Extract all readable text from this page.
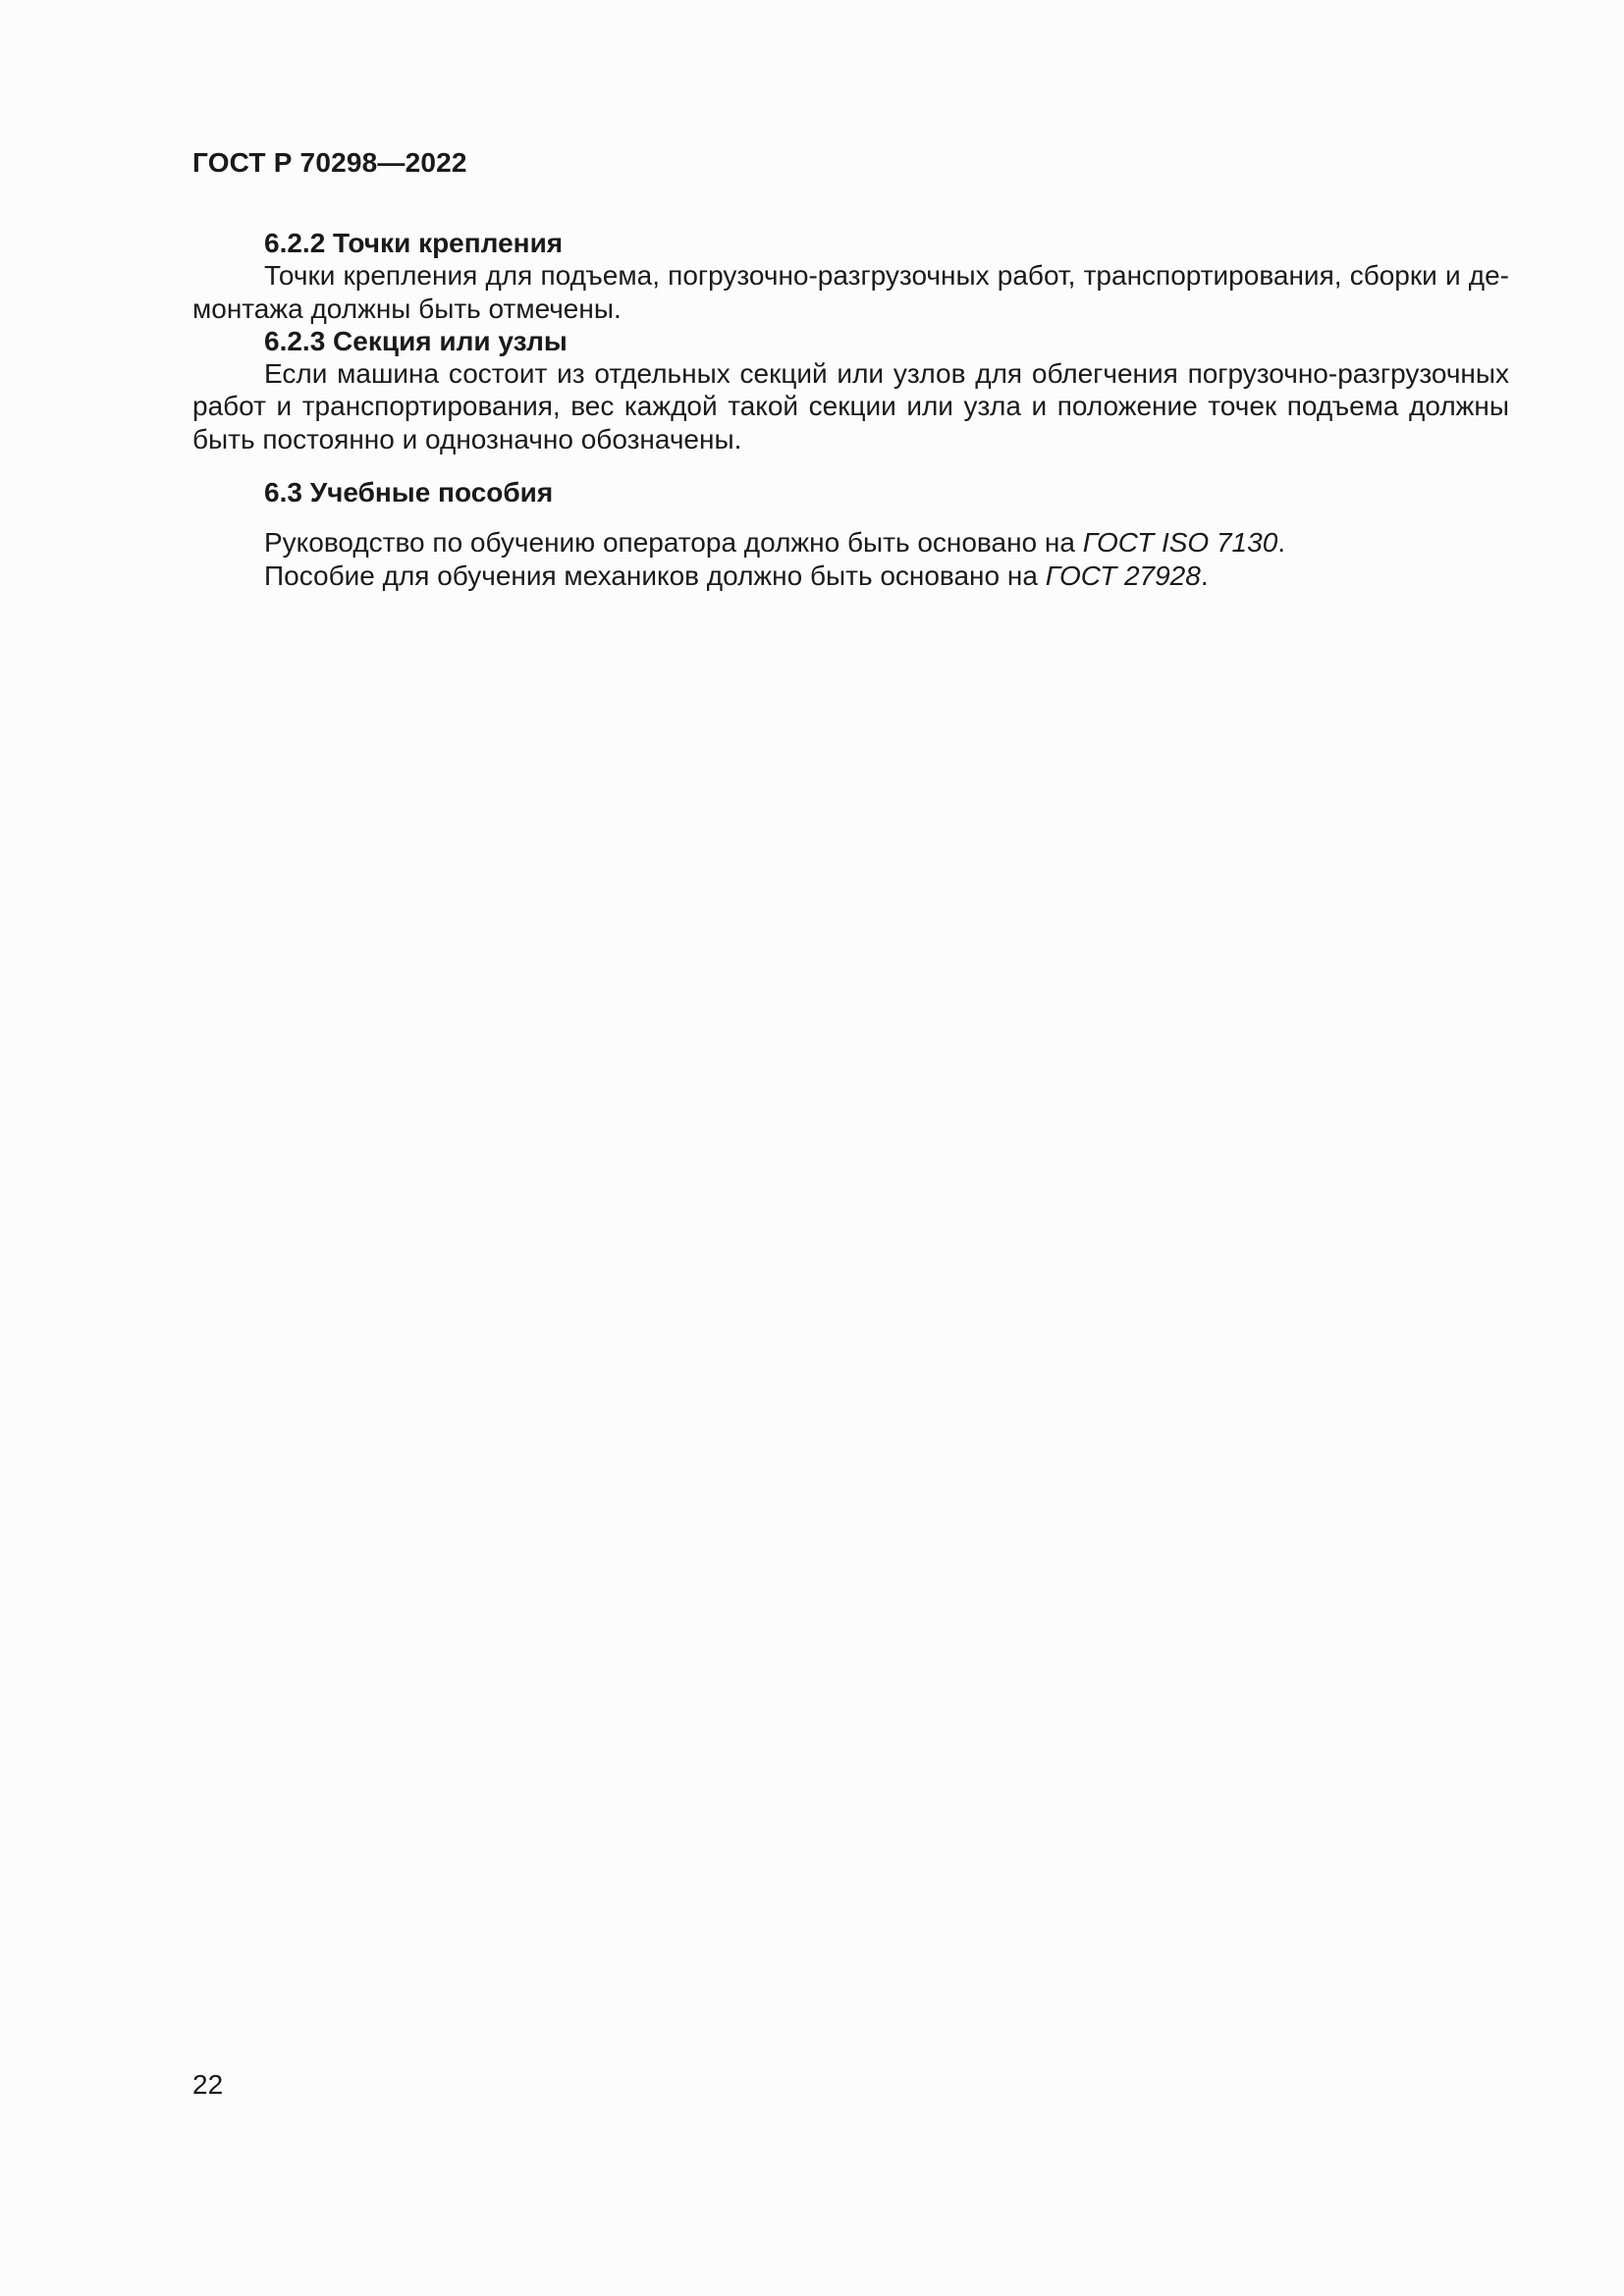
ГОСТ Р 70298—2022
6.2.2 Точки крепления
Точки крепления для подъема, погрузочно-разгрузочных работ, транспортирования, сборки и де-
монтажа должны быть отмечены.
6.2.3 Секция или узлы
Если машина состоит из отдельных секций или узлов для облегчения погрузочно-разгрузочных
работ и транспортирования, вес каждой такой секции или узла и положение точек подъема должны
быть постоянно и однозначно обозначены.
6.3 Учебные пособия
Руководство по обучению оператора должно быть основано на ГОСТ ISO 7130.
Пособие для обучения механиков должно быть основано на ГОСТ 27928.
22
